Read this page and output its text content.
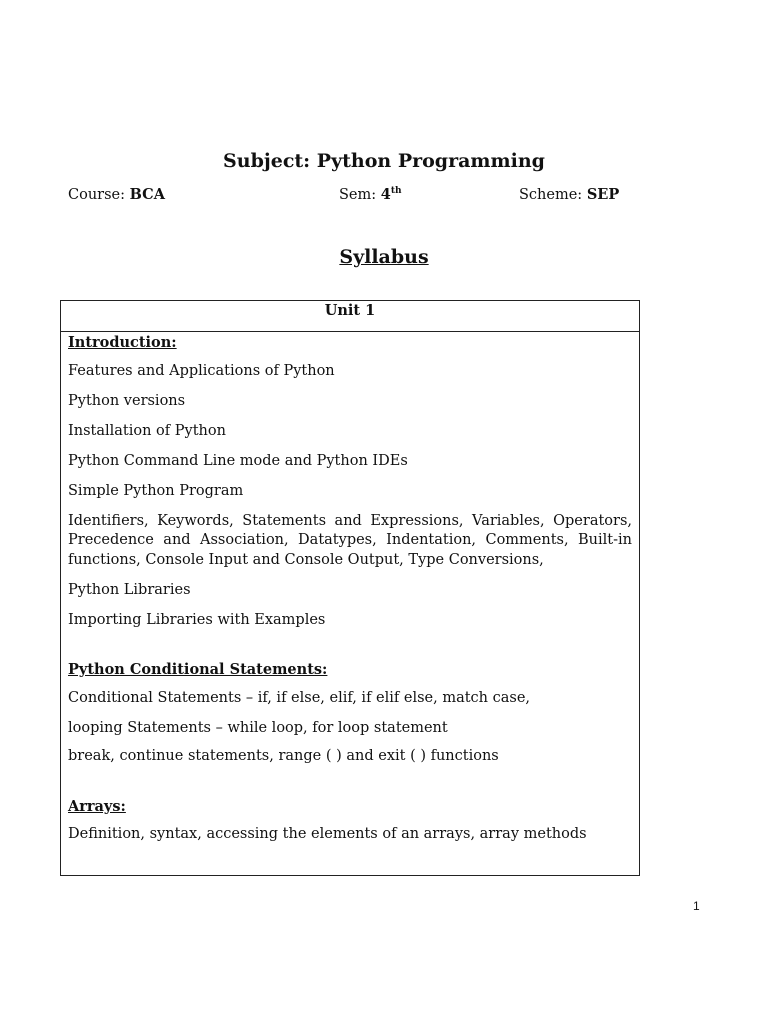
Subject: Python Programming
Course: BCA	Sem: 4th	Scheme: SEP
Syllabus
Unit 1
Introduction:
Features and Applications of Python
Python versions
Installation of Python
Python Command Line mode and Python IDEs
Simple Python Program
Identifiers, Keywords, Statements and Expressions, Variables, Operators, Precedence and Association, Datatypes, Indentation, Comments, Built-in functions, Console Input and Console Output, Type Conversions,
Python Libraries
Importing Libraries with Examples
Python Conditional Statements:
Conditional Statements – if, if else, elif, if elif else, match case,
looping Statements – while loop, for loop statement
break, continue statements, range ( ) and exit ( ) functions
Arrays:
Definition, syntax, accessing the elements of an arrays, array methods
1
